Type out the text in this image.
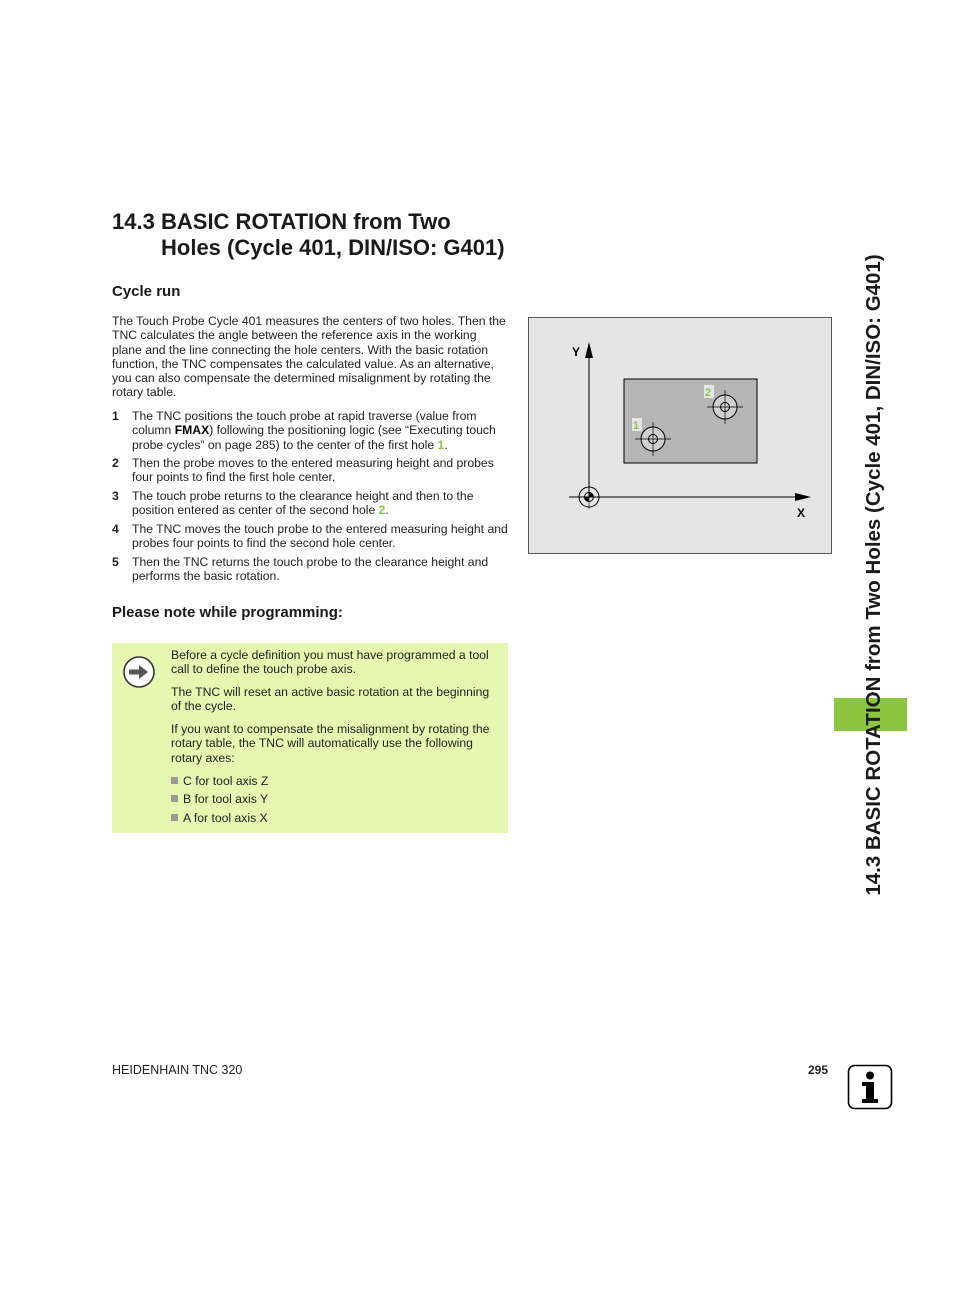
14.3 BASIC ROTATION from Two
Holes (Cycle 401, DIN/ISO: G401)
Cycle run
The Touch Probe Cycle 401 measures the centers of two holes. Then the TNC calculates the angle between the reference axis in the working plane and the line connecting the hole centers. With the basic rotation function, the TNC compensates the calculated value. As an alternative, you can also compensate the determined misalignment by rotating the rotary table.
1 The TNC positions the touch probe at rapid traverse (value from column FMAX) following the positioning logic (see “Executing touch probe cycles” on page 285) to the center of the first hole 1.
2 Then the probe moves to the entered measuring height and probes four points to find the first hole center.
3 The touch probe returns to the clearance height and then to the position entered as center of the second hole 2.
4 The TNC moves the touch probe to the entered measuring height and probes four points to find the second hole center.
5 Then the TNC returns the touch probe to the clearance height and performs the basic rotation.
Please note while programming:

Before a cycle definition you must have programmed a tool call to define the touch probe axis.

The TNC will reset an active basic rotation at the beginning of the cycle.

If you want to compensate the misalignment by rotating the rotary table, the TNC will automatically use the following rotary axes:

C for tool axis Z
B for tool axis Y
A for tool axis X
Y
X
2
1	14.3 BASIC ROTATION from Two Holes (Cycle 401, DIN/ISO: G401)
HEIDENHAIN TNC 320	295
